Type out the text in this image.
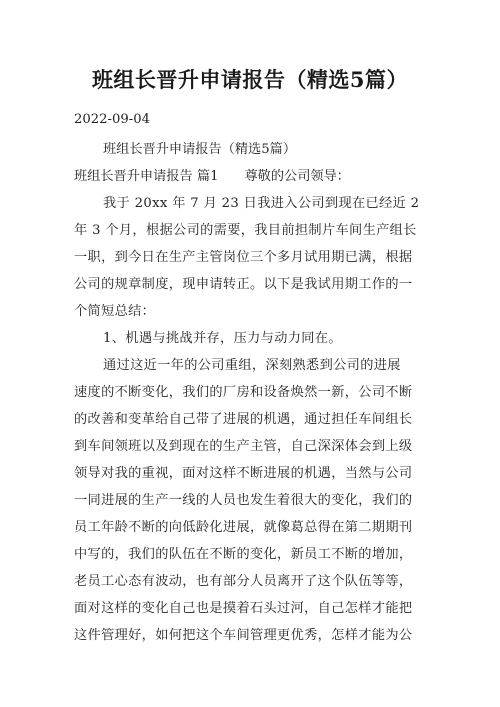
班组长晋升申请报告（精选5篇）
2022-09-04
班组长晋升申请报告（精选5篇）
班组长晋升申请报告 篇1 尊敬的公司领导：
我于 20xx 年 7 月 23 日我进入公司到现在已经近 2
年 3 个月，根据公司的需要，我目前担制片车间生产组长
一职，到今日在生产主管岗位三个多月试用期已满，根据
公司的规章制度，现申请转正。以下是我试用期工作的一
个简短总结：
1、机遇与挑战并存，压力与动力同在。
通过这近一年的公司重组，深刻熟悉到公司的进展
速度的不断变化，我们的厂房和设备焕然一新，公司不断
的改善和变革给自己带了进展的机遇，通过担任车间组长
到车间领班以及到现在的生产主管，自己深深体会到上级
领导对我的重视，面对这样不断进展的机遇，当然与公司
一同进展的生产一线的人员也发生着很大的变化，我们的
员工年龄不断的向低龄化进展，就像葛总得在第二期期刊
中写的，我们的队伍在不断的变化，新员工不断的增加，
老员工心态有波动，也有部分人员离开了这个队伍等等，
面对这样的变化自己也是摸着石头过河，自己怎样才能把
这件管理好，如何把这个车间管理更优秀，怎样才能为公
